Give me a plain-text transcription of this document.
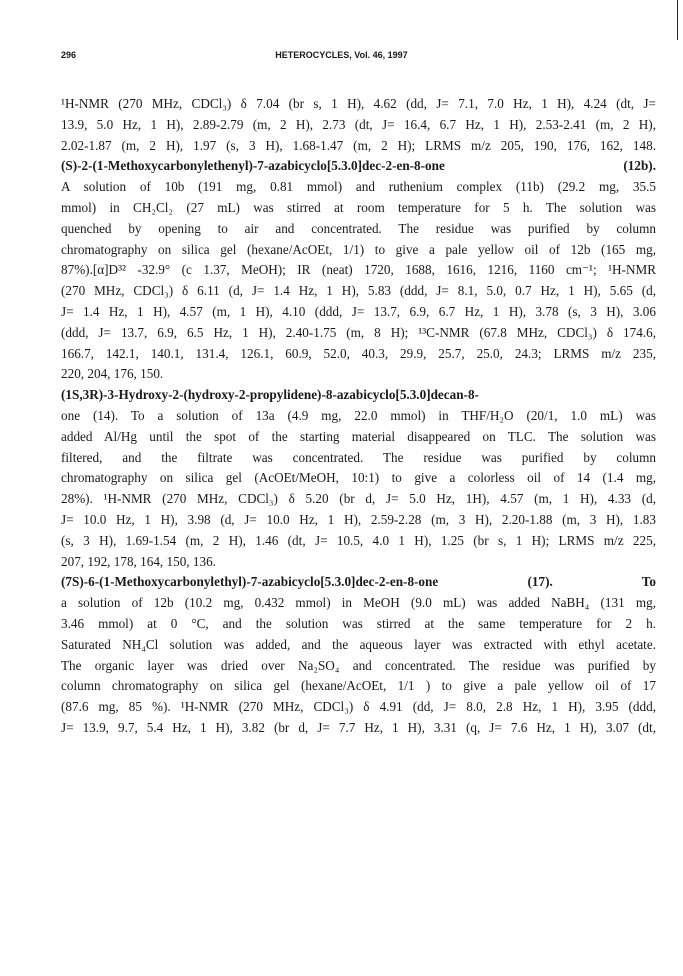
296	HETEROCYCLES, Vol. 46, 1997
¹H-NMR (270 MHz, CDCl₃) δ 7.04 (br s, 1 H), 4.62 (dd, J= 7.1, 7.0 Hz, 1 H), 4.24 (dt, J=
13.9, 5.0 Hz, 1 H), 2.89-2.79 (m, 2 H), 2.73 (dt, J= 16.4, 6.7 Hz, 1 H), 2.53-2.41 (m, 2 H),
2.02-1.87 (m, 2 H), 1.97 (s, 3 H), 1.68-1.47 (m, 2 H); LRMS m/z 205, 190, 176, 162, 148.
(S)-2-(1-Methoxycarbonylethenyl)-7-azabicyclo[5.3.0]dec-2-en-8-one (12b).
A solution of 10b (191 mg, 0.81 mmol) and ruthenium complex (11b) (29.2 mg, 35.5
mmol) in CH₂Cl₂ (27 mL) was stirred at room temperature for 5 h. The solution was
quenched by opening to air and concentrated. The residue was purified by column
chromatography on silica gel (hexane/AcOEt, 1/1) to give a pale yellow oil of 12b (165 mg,
87%).[α]D³² -32.9° (c 1.37, MeOH); IR (neat) 1720, 1688, 1616, 1216, 1160 cm⁻¹; ¹H-NMR
(270 MHz, CDCl₃) δ 6.11 (d, J= 1.4 Hz, 1 H), 5.83 (ddd, J= 8.1, 5.0, 0.7 Hz, 1 H), 5.65 (d,
J= 1.4 Hz, 1 H), 4.57 (m, 1 H), 4.10 (ddd, J= 13.7, 6.9, 6.7 Hz, 1 H), 3.78 (s, 3 H), 3.06
(ddd, J= 13.7, 6.9, 6.5 Hz, 1 H), 2.40-1.75 (m, 8 H); ¹³C-NMR (67.8 MHz, CDCl₃) δ 174.6,
166.7, 142.1, 140.1, 131.4, 126.1, 60.9, 52.0, 40.3, 29.9, 25.7, 25.0, 24.3; LRMS m/z 235,
220, 204, 176, 150.
(1S,3R)-3-Hydroxy-2-(hydroxy-2-propylidene)-8-azabicyclo[5.3.0]decan-8-
one (14). To a solution of 13a (4.9 mg, 22.0 mmol) in THF/H₂O (20/1, 1.0 mL) was
added Al/Hg until the spot of the starting material disappeared on TLC. The solution was
filtered, and the filtrate was concentrated. The residue was purified by column
chromatography on silica gel (AcOEt/MeOH, 10:1) to give a colorless oil of 14 (1.4 mg,
28%). ¹H-NMR (270 MHz, CDCl₃) δ 5.20 (br d, J= 5.0 Hz, 1H), 4.57 (m, 1 H), 4.33 (d,
J= 10.0 Hz, 1 H), 3.98 (d, J= 10.0 Hz, 1 H), 2.59-2.28 (m, 3 H), 2.20-1.88 (m, 3 H), 1.83
(s, 3 H), 1.69-1.54 (m, 2 H), 1.46 (dt, J= 10.5, 4.0 1 H), 1.25 (br s, 1 H); LRMS m/z 225,
207, 192, 178, 164, 150, 136.
(7S)-6-(1-Methoxycarbonylethyl)-7-azabicyclo[5.3.0]dec-2-en-8-one (17). To
a solution of 12b (10.2 mg, 0.432 mmol) in MeOH (9.0 mL) was added NaBH₄ (131 mg,
3.46 mmol) at 0 °C, and the solution was stirred at the same temperature for 2 h.
Saturated NH₄Cl solution was added, and the aqueous layer was extracted with ethyl acetate.
The organic layer was dried over Na₂SO₄ and concentrated. The residue was purified by
column chromatography on silica gel (hexane/AcOEt, 1/1 ) to give a pale yellow oil of 17
(87.6 mg, 85 %). ¹H-NMR (270 MHz, CDCl₃) δ 4.91 (dd, J= 8.0, 2.8 Hz, 1 H), 3.95 (ddd,
J= 13.9, 9.7, 5.4 Hz, 1 H), 3.82 (br d, J= 7.7 Hz, 1 H), 3.31 (q, J= 7.6 Hz, 1 H), 3.07 (dt,
